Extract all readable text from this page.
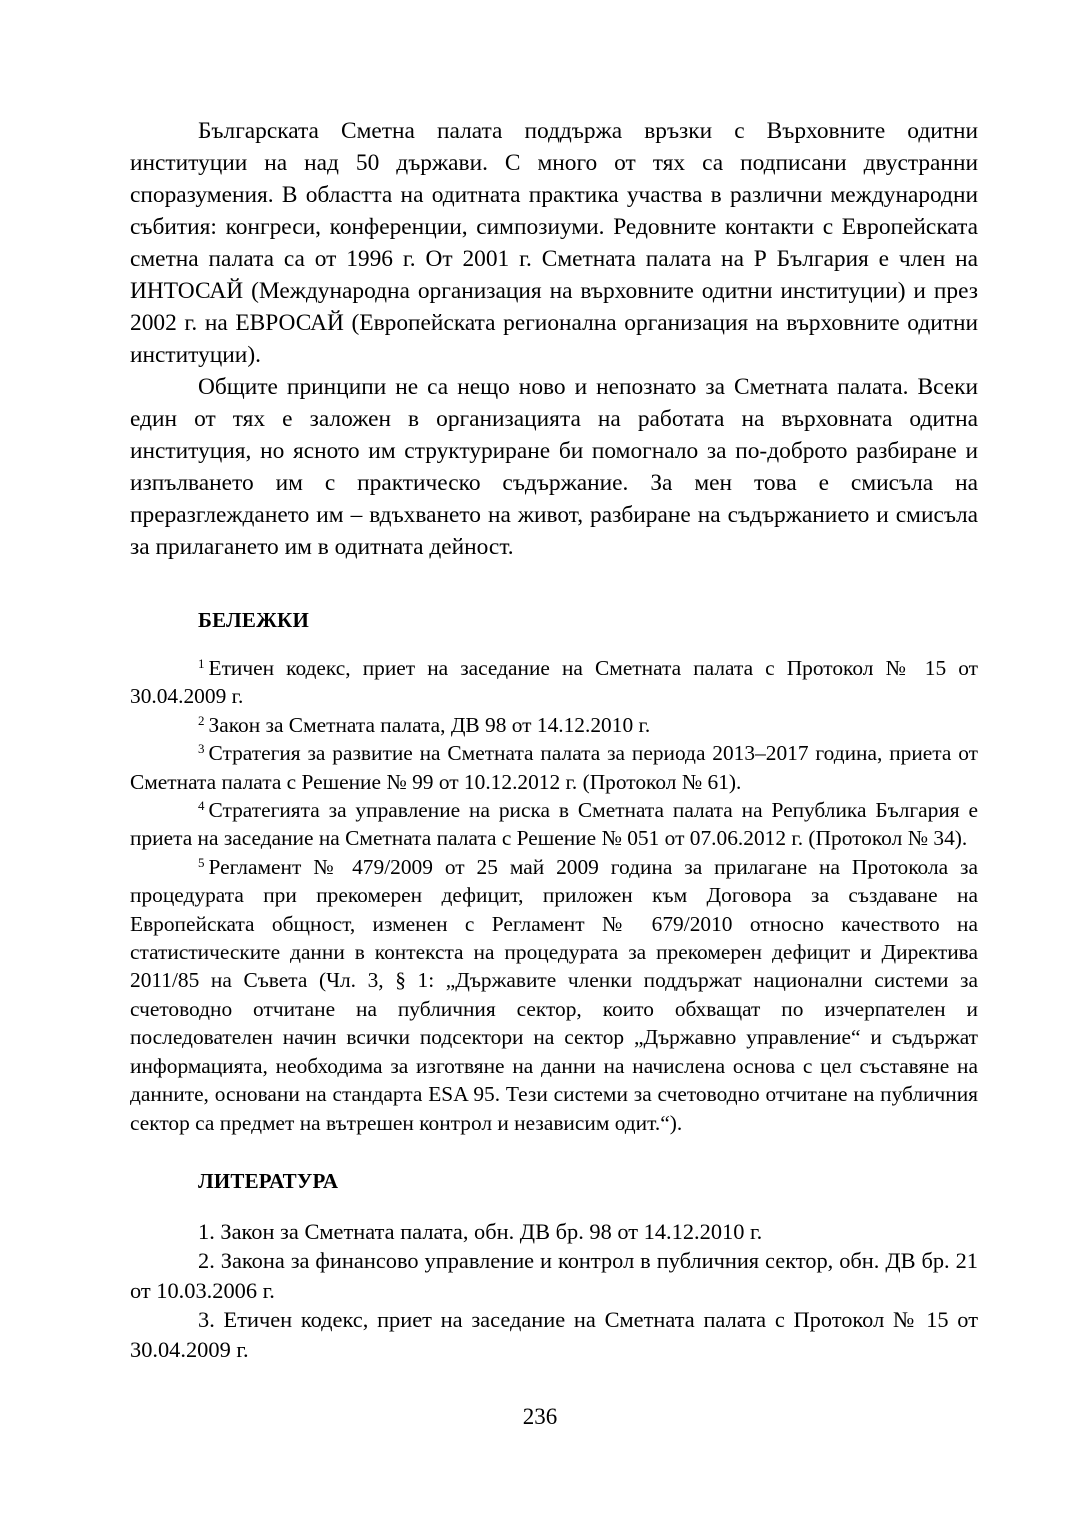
Българската Сметна палата поддържа връзки с Върховните одитни институции на над 50 държави. С много от тях са подписани двустранни споразумения. В областта на одитната практика участва в различни международни събития: конгреси, конференции, симпозиуми. Редовните контакти с Европейската сметна палата са от 1996 г. От 2001 г. Сметната палата на Р България е член на ИНТОСАЙ (Международна организация на върховните одитни институции) и през 2002 г. на ЕВРОСАЙ (Европейската регионална организация на върховните одитни институции).

Общите принципи не са нещо ново и непознато за Сметната палата. Всеки един от тях е заложен в организацията на работата на върховната одитна институция, но ясното им структуриране би помогнало за по-доброто разбиране и изпълването им с практическо съдържание. За мен това е смисъла на преразглеждането им – вдъхването на живот, разбиране на съдържанието и смисъла за прилагането им в одитната дейност.

БЕЛЕЖКИ

$^1$ Етичен кодекс, приет на заседание на Сметната палата с Протокол № 15 от 30.04.2009 г.

$^2$ Закон за Сметната палата, ДВ 98 от 14.12.2010 г.

$^3$ Стратегия за развитие на Сметната палата за периода 2013–2017 година, приета от Сметната палата с Решение № 99 от 10.12.2012 г. (Протокол № 61).

$^4$ Стратегията за управление на риска в Сметната палата на Република България е приета на заседание на Сметната палата с Решение № 051 от 07.06.2012 г. (Протокол № 34).

$^5$ Регламент № 479/2009 от 25 май 2009 година за прилагане на Протокола за процедурата при прекомерен дефицит, приложен към Договора за създаване на Европейската общност, изменен с Регламент № 679/2010 относно качеството на статистическите данни в контекста на процедурата за прекомерен дефицит и Директива 2011/85 на Съвета (Чл. 3, § 1: „Държавите членки поддържат национални системи за счетоводно отчитане на публичния сектор, които обхващат по изчерпателен и последователен начин всички подсектори на сектор „Държавно управление“ и съдържат информацията, необходима за изготвяне на данни на начислена основа с цел съставяне на данните, основани на стандарта ESA 95. Тези системи за счетоводно отчитане на публичния сектор са предмет на вътрешен контрол и независим одит.“).

ЛИТЕРАТУРА

1. Закон за Сметната палата, обн. ДВ бр. 98 от 14.12.2010 г.

2. Закона за финансово управление и контрол в публичния сектор, обн. ДВ бр. 21 от 10.03.2006 г.

3. Етичен кодекс, приет на заседание на Сметната палата с Протокол № 15 от 30.04.2009 г.

236
